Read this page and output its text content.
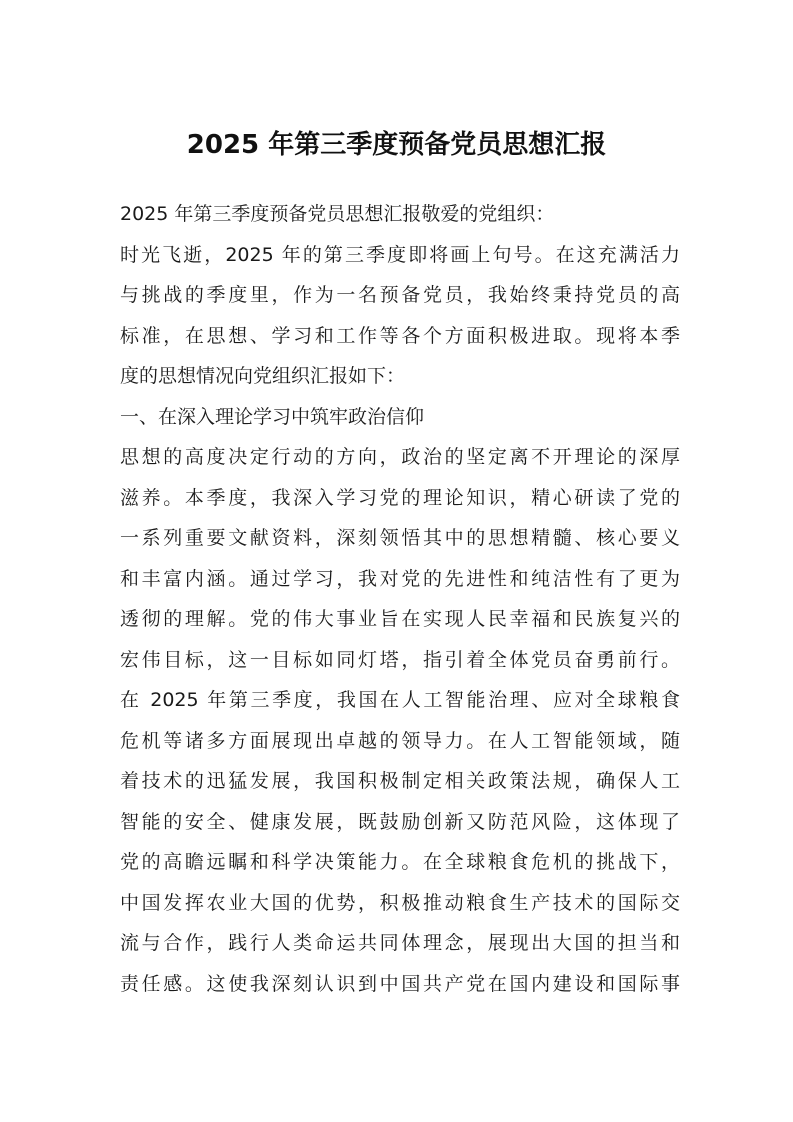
2025 年第三季度预备党员思想汇报
2025 年第三季度预备党员思想汇报敬爱的党组织：
时光飞逝，2025 年的第三季度即将画上句号。在这充满活力
与挑战的季度里，作为一名预备党员，我始终秉持党员的高
标准，在思想、学习和工作等各个方面积极进取。现将本季
度的思想情况向党组织汇报如下：
一、在深入理论学习中筑牢政治信仰
思想的高度决定行动的方向，政治的坚定离不开理论的深厚
滋养。本季度，我深入学习党的理论知识，精心研读了党的
一系列重要文献资料，深刻领悟其中的思想精髓、核心要义
和丰富内涵。通过学习，我对党的先进性和纯洁性有了更为
透彻的理解。党的伟大事业旨在实现人民幸福和民族复兴的
宏伟目标，这一目标如同灯塔，指引着全体党员奋勇前行。
在 2025 年第三季度，我国在人工智能治理、应对全球粮食
危机等诸多方面展现出卓越的领导力。在人工智能领域，随
着技术的迅猛发展，我国积极制定相关政策法规，确保人工
智能的安全、健康发展，既鼓励创新又防范风险，这体现了
党的高瞻远瞩和科学决策能力。在全球粮食危机的挑战下，
中国发挥农业大国的优势，积极推动粮食生产技术的国际交
流与合作，践行人类命运共同体理念，展现出大国的担当和
责任感。这使我深刻认识到中国共产党在国内建设和国际事
